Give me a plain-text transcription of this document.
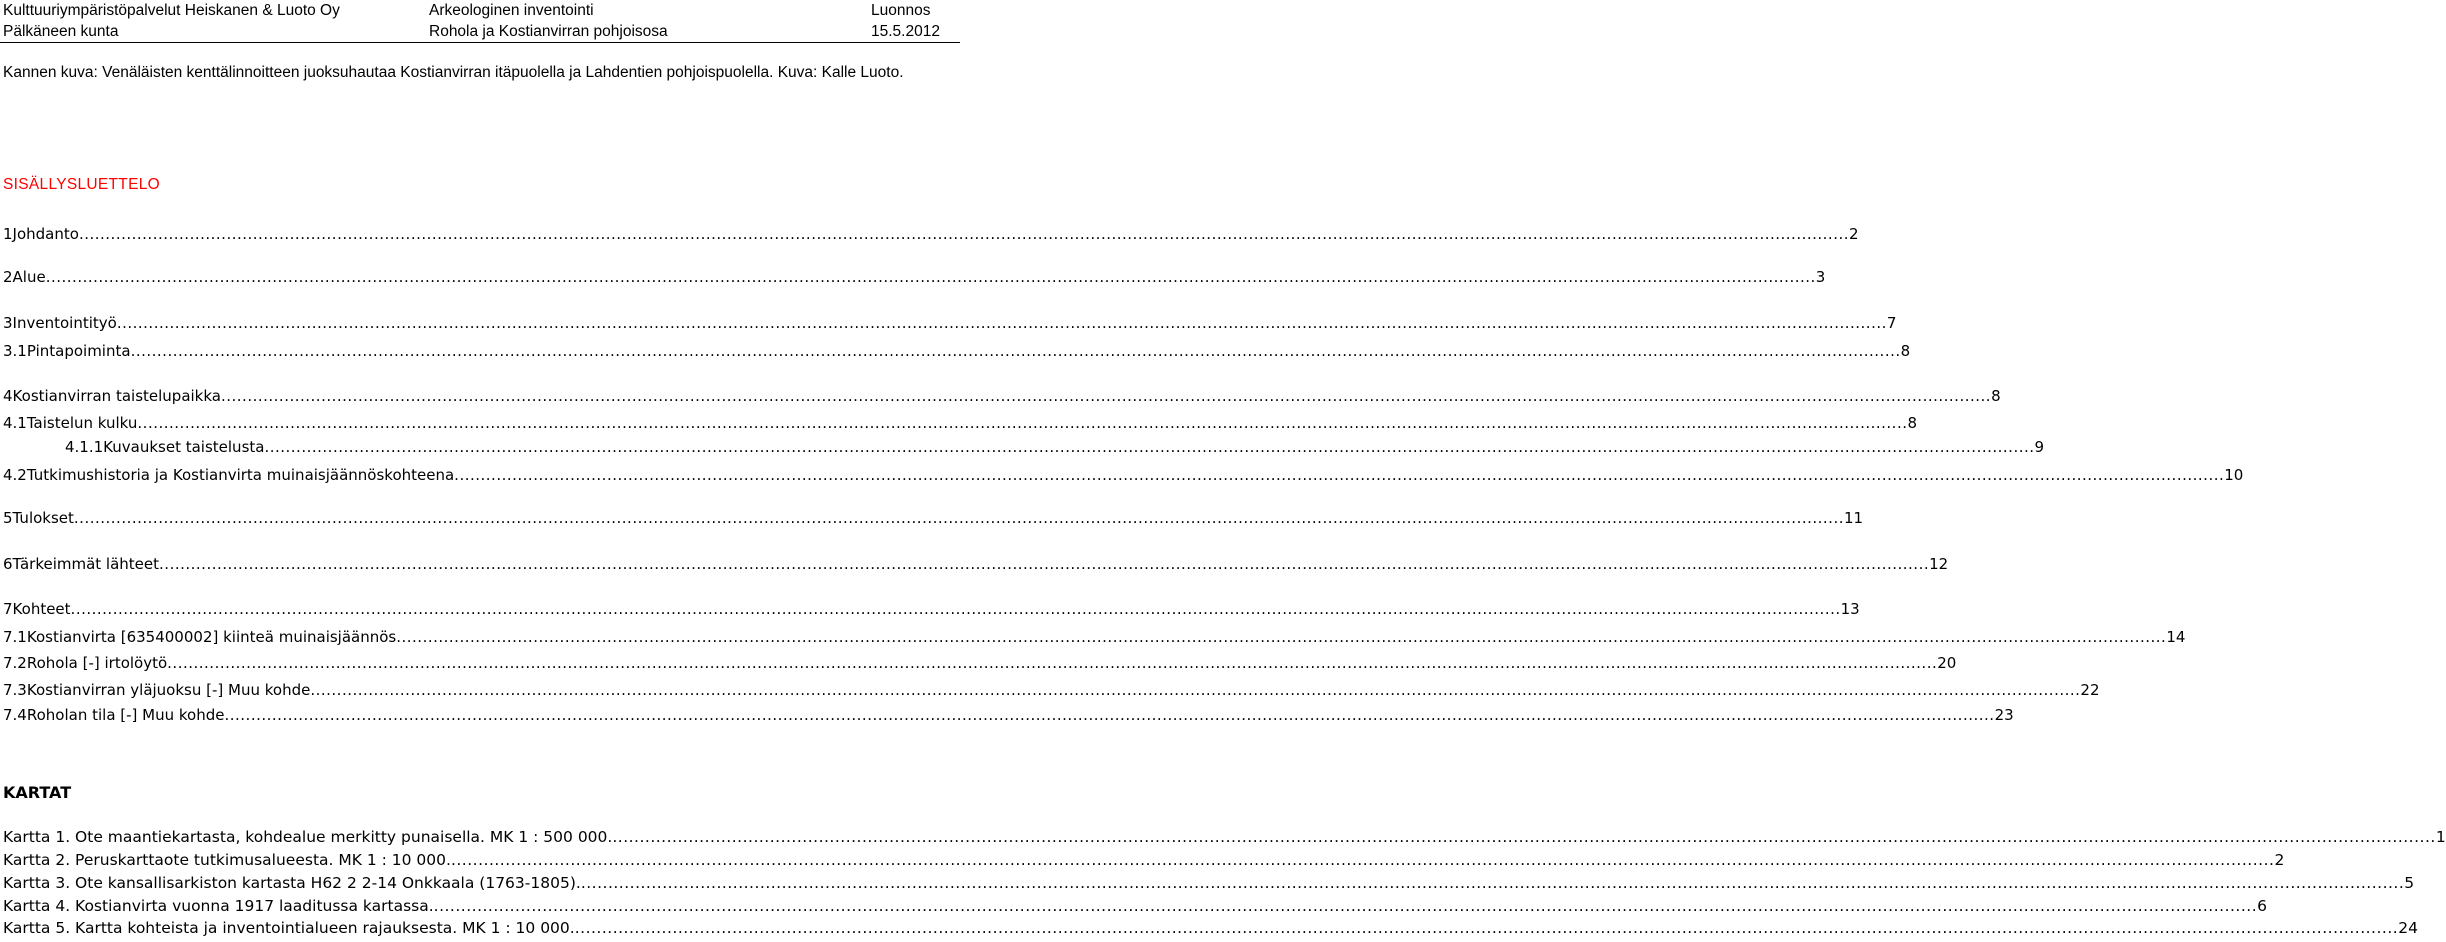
Kulttuuriympäristöpalvelut Heiskanen & Luoto Oy	Arkeologinen inventointi	Luonnos
Pälkäneen kunta	Rohola ja Kostianvirran pohjoisosa	15.5.2012
Kannen kuva: Venäläisten kenttälinnoitteen juoksuhautaa Kostianvirran itäpuolella ja Lahdentien pohjoispuolella. Kuva: Kalle Luoto.
SISÄLLYSLUETTELO
1 Johdanto .....	2
2 Alue .....	3
3 Inventointityö .....	7
3.1 Pintapoiminta .....	8
4 Kostianvirran taistelupaikka .....	8
4.1 Taistelun kulku .....	8
4.1.1 Kuvaukset taistelusta .....	9
4.2 Tutkimushistoria ja Kostianvirta muinaisjäännöskohteena .....	10
5 Tulokset .....	11
6 Tärkeimmät lähteet .....	12
7 Kohteet .....	13
7.1 Kostianvirta [635400002] kiinteä muinaisjäännös .....	14
7.2 Rohola [-] irtolöytö .....	20
7.3 Kostianvirran yläjuoksu [-] Muu kohde .....	22
7.4 Roholan tila [-] Muu kohde .....	23
KARTAT
Kartta 1. Ote maantiekartasta, kohdealue merkitty punaisella. MK 1 : 500 000. .....	1
Kartta 2. Peruskarttaote tutkimusalueesta. MK 1 : 10 000. .....	2
Kartta 3. Ote kansallisarkiston kartasta H62 2 2-14 Onkkaala (1763-1805). .....	5
Kartta 4. Kostianvirta vuonna 1917 laaditussa kartassa. .....	6
Kartta 5. Kartta kohteista ja inventointialueen rajauksesta. MK 1 : 10 000. .....	24
